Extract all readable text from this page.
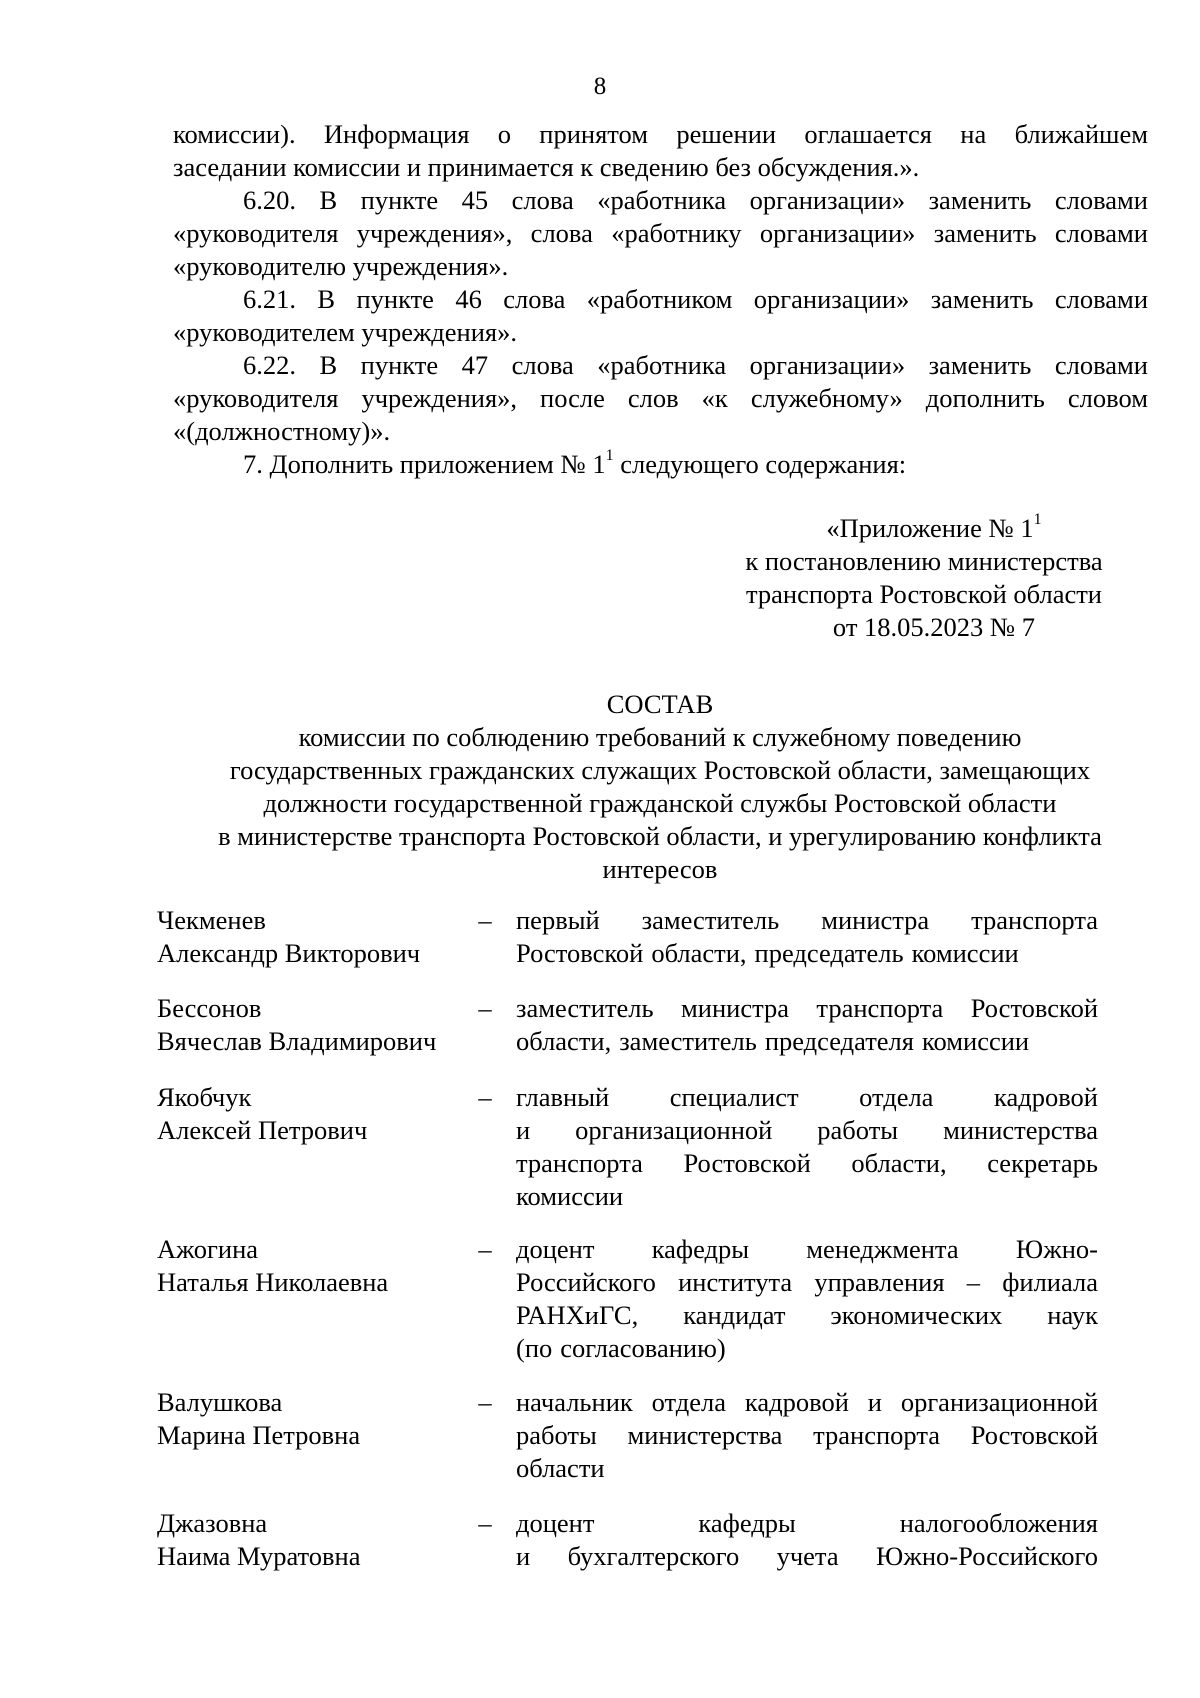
8

комиссии). Информация о принятом решении оглашается на ближайшем

заседании комиссии и принимается к сведению без обсуждения.».

6.20. В пункте 45 слова «работника организации» заменить словами

«руководителя учреждения», слова «работнику организации» заменить словами

«руководителю учреждения».

6.21. В пункте 46 слова «работником организации» заменить словами

«руководителем учреждения».

6.22. В пункте 47 слова «работника организации» заменить словами

«руководителя учреждения», после слов «к служебному» дополнить словом

«(должностному)».

7. Дополнить приложением № $1^1$ следующего содержания:

«Приложение № $1^1$
к постановлению министерства
транспорта Ростовской области
от 18.05.2023 № 7
СОСТАВ
комиссии по соблюдению требований к служебному поведению
государственных гражданских служащих Ростовской области, замещающих
должности государственной гражданской службы Ростовской области
в министерстве транспорта Ростовской области, и урегулированию конфликта
интересов
Чекменев
Александр Викторович
– первый заместитель министра транспорта
Ростовской области, председатель комиссии
Бессонов
Вячеслав Владимирович
– заместитель министра транспорта Ростовской
области, заместитель председателя комиссии
Якобчук
Алексей Петрович
– главный специалист отдела кадровой
и организационной работы министерства
транспорта Ростовской области, секретарь
комиссии
Ажогина
Наталья Николаевна
– доцент кафедры менеджмента Южно-
Российского института управления – филиала
РАНХиГС, кандидат экономических наук
(по согласованию)
Валушкова
Марина Петровна
– начальник отдела кадровой и организационной
работы министерства транспорта Ростовской
области
Джазовна
Наима Муратовна
– доцент	кафедры	налогообложения
и бухгалтерского учета Южно-Российского
